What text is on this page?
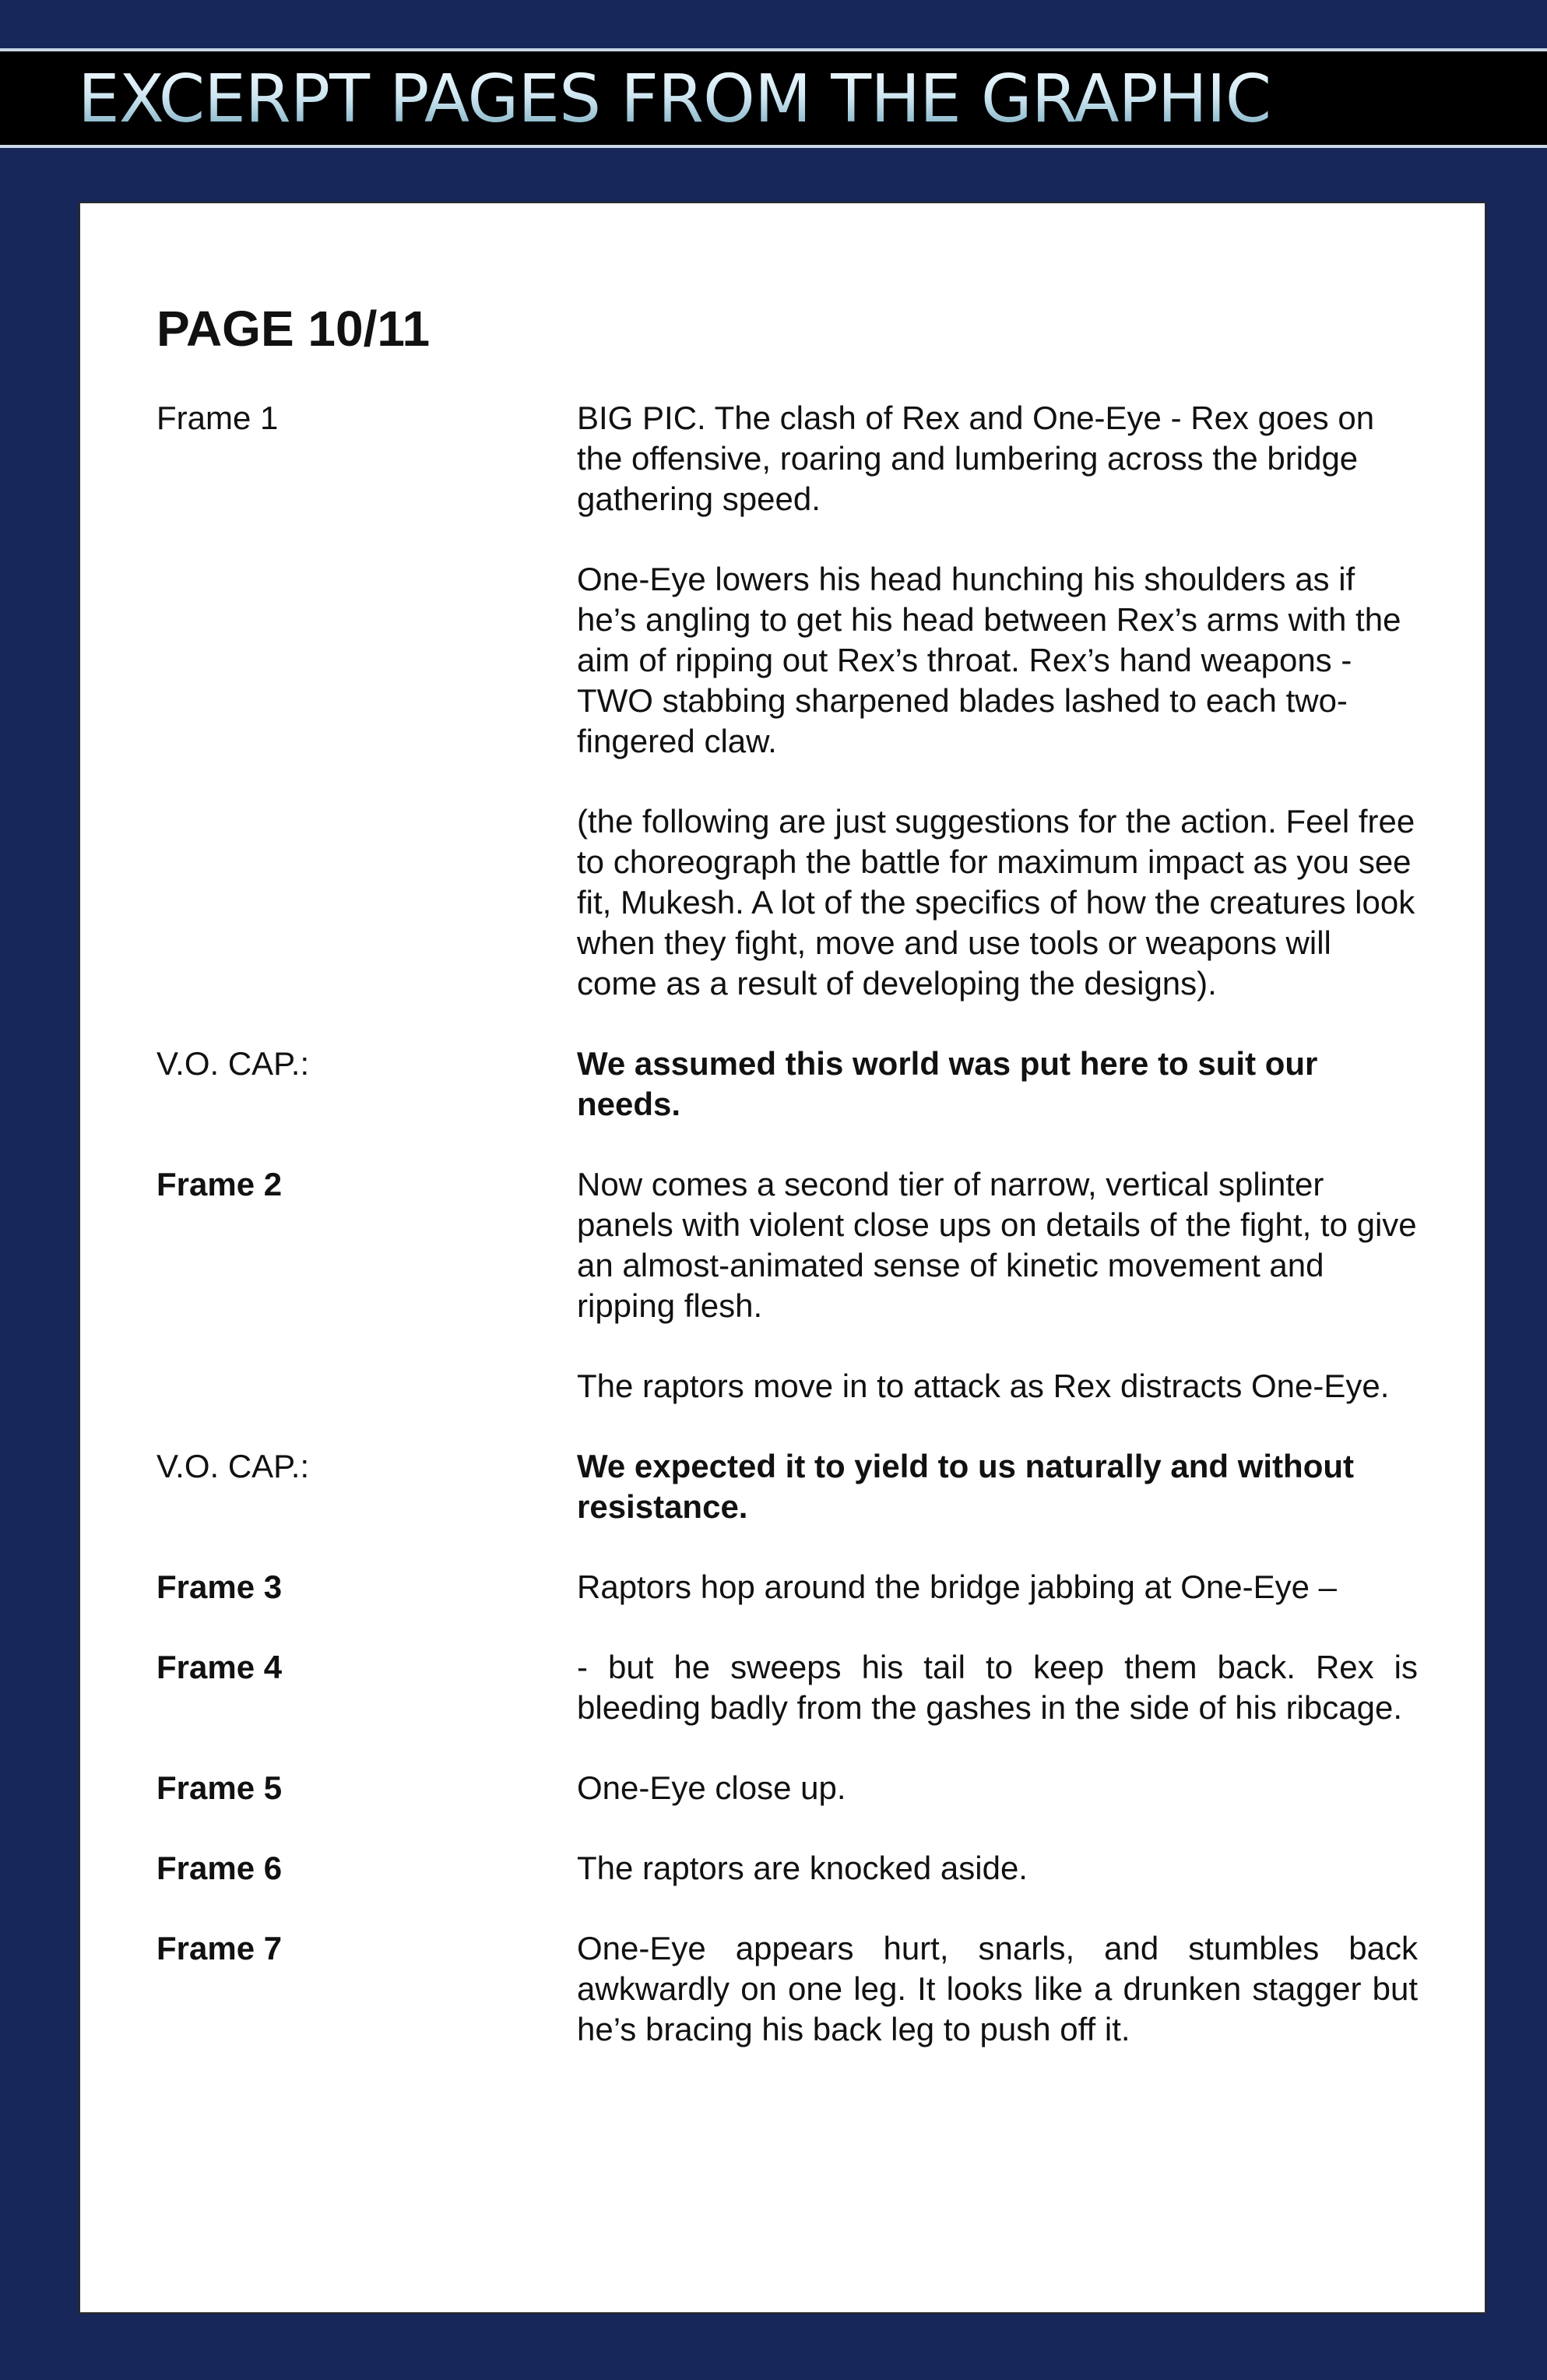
EXCERPT PAGES FROM THE GRAPHIC
PAGE 10/11
Frame 1	BIG PIC. The clash of Rex and One-Eye - Rex goes on the offensive, roaring and lumbering across the bridge gathering speed.

One-Eye lowers his head hunching his shoulders as if he’s angling to get his head between Rex’s arms with the aim of ripping out Rex’s throat. Rex’s hand weapons - TWO stabbing sharpened blades lashed to each two-fingered claw.

(the following are just suggestions for the action. Feel free to choreograph the battle for maximum impact as you see fit, Mukesh. A lot of the specifics of how the creatures look when they fight, move and use tools or weapons will come as a result of developing the designs).

V.O. CAP.:	We assumed this world was put here to suit our needs.

Frame 2	Now comes a second tier of narrow, vertical splinter panels with violent close ups on details of the fight, to give an almost-animated sense of kinetic movement and ripping flesh.

The raptors move in to attack as Rex distracts One-Eye.

V.O. CAP.:	We expected it to yield to us naturally and without resistance.

Frame 3	Raptors hop around the bridge jabbing at One-Eye –

Frame 4	- but he sweeps his tail to keep them back. Rex is bleeding badly from the gashes in the side of his ribcage.

Frame 5	One-Eye close up.

Frame 6	The raptors are knocked aside.

Frame 7	One-Eye appears hurt, snarls, and stumbles back awkwardly on one leg. It looks like a drunken stagger but he’s bracing his back leg to push off it.
